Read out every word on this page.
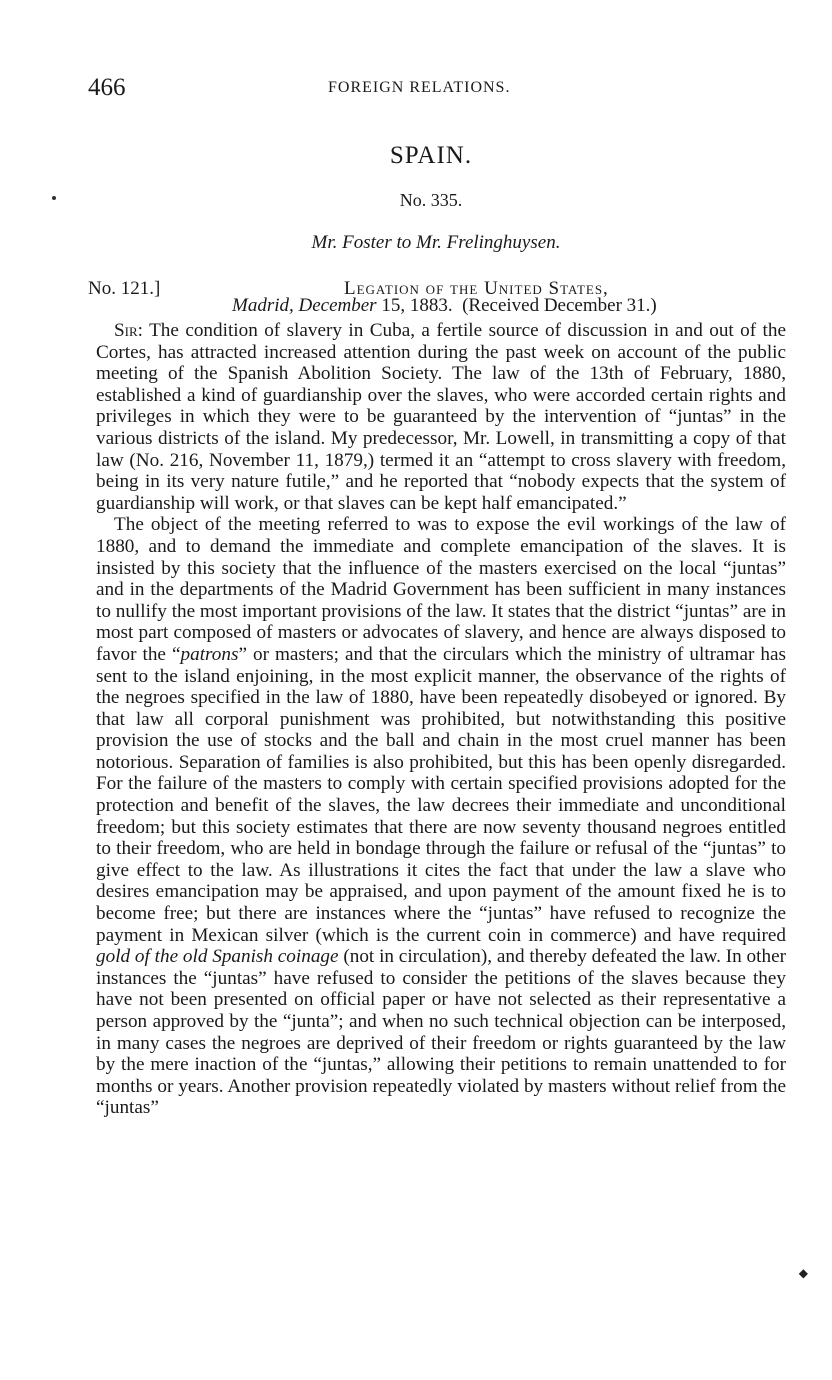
466	FOREIGN RELATIONS.
SPAIN.
No. 335.
Mr. Foster to Mr. Frelinghuysen.
No. 121.]	Legation of the United States,
Madrid, December 15, 1883. (Received December 31.)

Sir: The condition of slavery in Cuba, a fertile source of discussion in and out of the Cortes, has attracted increased attention during the past week on account of the public meeting of the Spanish Abolition Society. The law of the 13th of February, 1880, established a kind of guardianship over the slaves, who were accorded certain rights and privileges in which they were to be guaranteed by the intervention of “juntas” in the various districts of the island. My predecessor, Mr. Lowell, in transmitting a copy of that law (No. 216, November 11, 1879,) termed it an “attempt to cross slavery with freedom, being in its very nature futile,” and he reported that “nobody expects that the system of guardianship will work, or that slaves can be kept half emancipated.”

The object of the meeting referred to was to expose the evil workings of the law of 1880, and to demand the immediate and complete emancipation of the slaves. It is insisted by this society that the influence of the masters exercised on the local “juntas” and in the departments of the Madrid Government has been sufficient in many instances to nullify the most important provisions of the law. It states that the district “juntas” are in most part composed of masters or advocates of slavery, and hence are always disposed to favor the “patrons” or masters; and that the circulars which the ministry of ultramar has sent to the island enjoining, in the most explicit manner, the observance of the rights of the negroes specified in the law of 1880, have been repeatedly disobeyed or ignored. By that law all corporal punishment was prohibited, but notwithstanding this positive provision the use of stocks and the ball and chain in the most cruel manner has been notorious. Separation of families is also prohibited, but this has been openly disregarded. For the failure of the masters to comply with certain specified provisions adopted for the protection and benefit of the slaves, the law decrees their immediate and unconditional freedom; but this society estimates that there are now seventy thousand negroes entitled to their freedom, who are held in bondage through the failure or refusal of the “juntas” to give effect to the law. As illustrations it cites the fact that under the law a slave who desires emancipation may be appraised, and upon payment of the amount fixed he is to become free; but there are instances where the “juntas” have refused to recognize the payment in Mexican silver (which is the current coin in commerce) and have required gold of the old Spanish coinage (not in circulation), and thereby defeated the law. In other instances the “juntas” have refused to consider the petitions of the slaves because they have not been presented on official paper or have not selected as their representative a person approved by the “junta”; and when no such technical objection can be interposed, in many cases the negroes are deprived of their freedom or rights guaranteed by the law by the mere inaction of the “juntas,” allowing their petitions to remain unattended to for months or years. Another provision repeatedly violated by masters without relief from the “juntas”

◆
